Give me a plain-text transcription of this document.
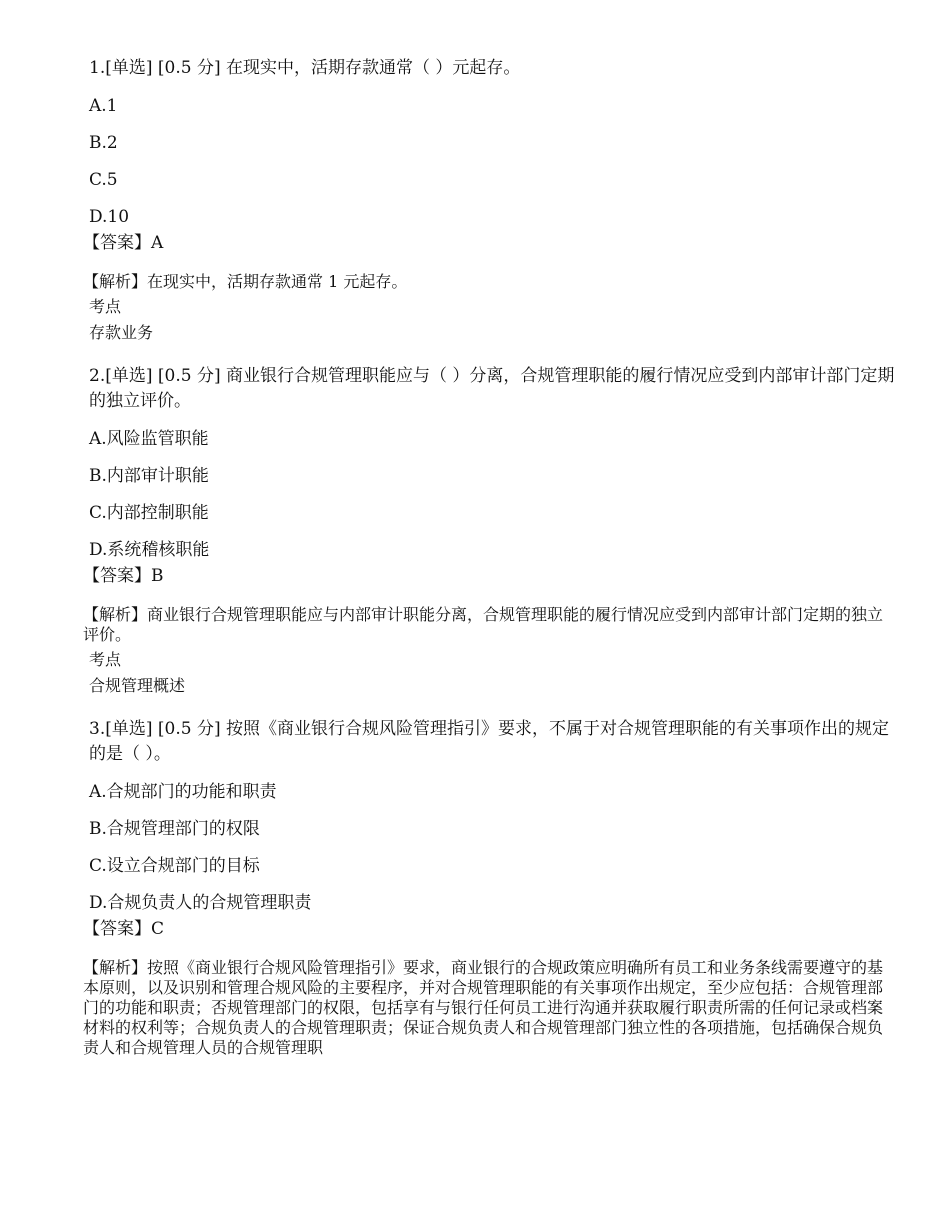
1.[单选] [0.5 分] 在现实中，活期存款通常（ ）元起存。

A.1

B.2

C.5

D.10

【答案】A

【解析】在现实中，活期存款通常 1 元起存。

考点

存款业务

2.[单选] [0.5 分] 商业银行合规管理职能应与（ ）分离，合规管理职能的履行情况应受到内部审计部门定期的独立评价。

A.风险监管职能

B.内部审计职能

C.内部控制职能

D.系统稽核职能

【答案】B

【解析】商业银行合规管理职能应与内部审计职能分离，合规管理职能的履行情况应受到内部审计部门定期的独立评价。

考点

合规管理概述

3.[单选] [0.5 分] 按照《商业银行合规风险管理指引》要求，不属于对合规管理职能的有关事项作出的规定的是（ ）。

A.合规部门的功能和职责

B.合规管理部门的权限

C.设立合规部门的目标

D.合规负责人的合规管理职责

【答案】C

【解析】按照《商业银行合规风险管理指引》要求，商业银行的合规政策应明确所有员工和业务条线需要遵守的基本原则，以及识别和管理合规风险的主要程序，并对合规管理职能的有关事项作出规定，至少应包括：合规管理部门的功能和职责；否规管理部门的权限，包括享有与银行任何员工进行沟通并获取履行职责所需的任何记录或档案材料的权利等；合规负责人的合规管理职责；保证合规负责人和合规管理部门独立性的各项措施，包括确保合规负责人和合规管理人员的合规管理职
